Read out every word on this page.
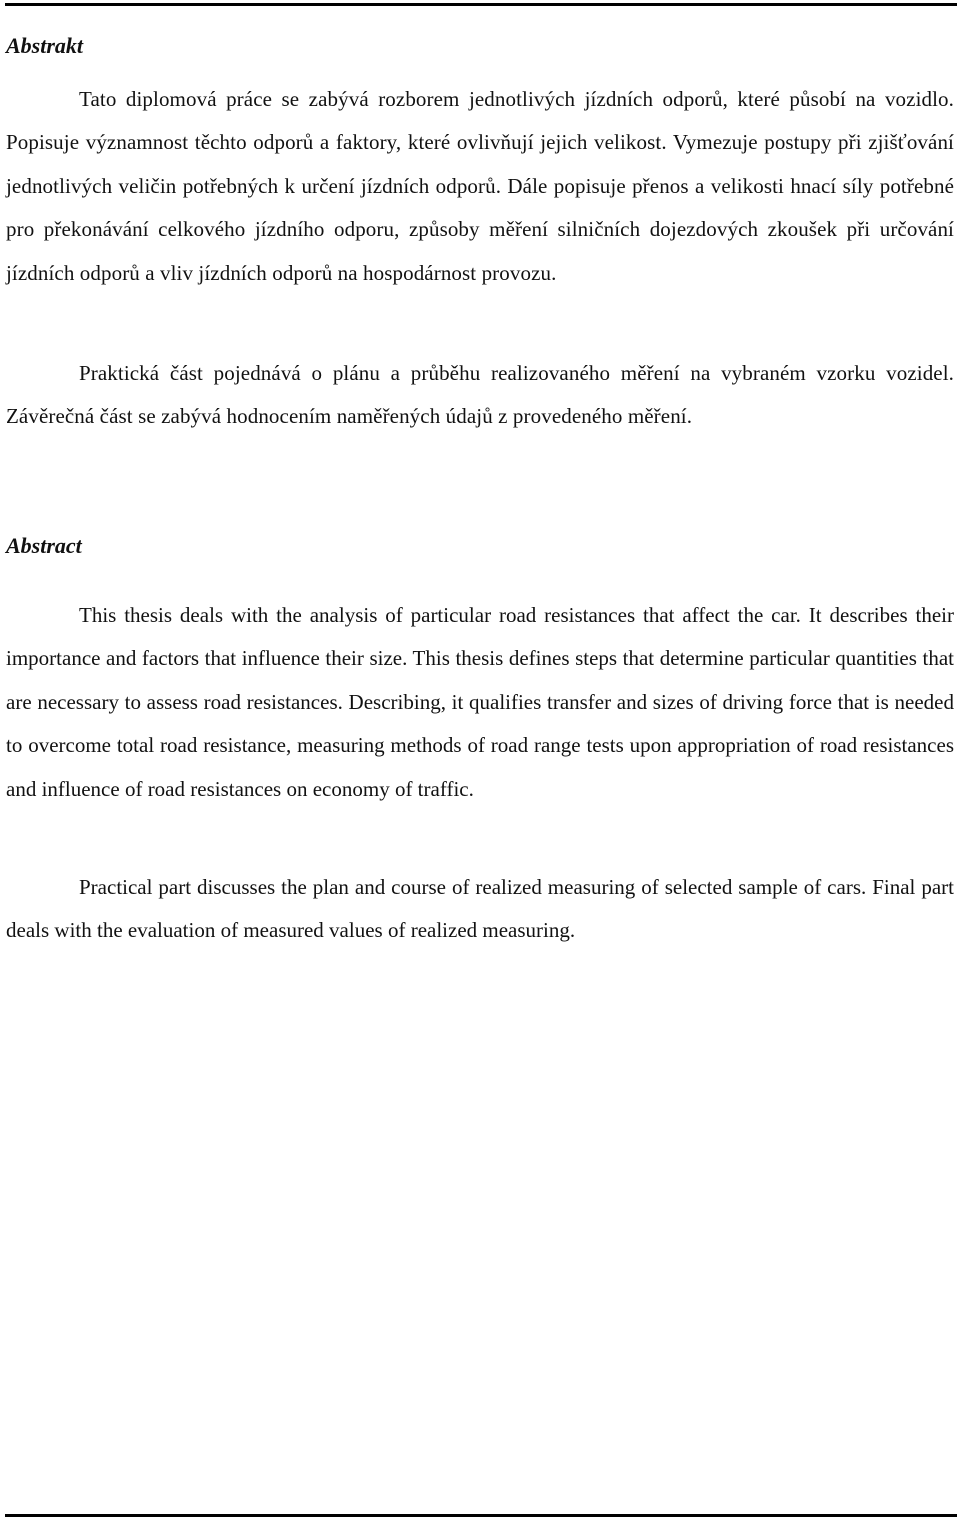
Abstrakt

Tato diplomová práce se zabývá rozborem jednotlivých jízdních odporů, které působí na vozidlo. Popisuje významnost těchto odporů a faktory, které ovlivňují jejich velikost. Vymezuje postupy při zjišťování jednotlivých veličin potřebných k určení jízdních odporů. Dále popisuje přenos a velikosti hnací síly potřebné pro překonávání celkového jízdního odporu, způsoby měření silničních dojezdových zkoušek při určování jízdních odporů a vliv jízdních odporů na hospodárnost provozu.

Praktická část pojednává o plánu a průběhu realizovaného měření na vybraném vzorku vozidel. Závěrečná část se zabývá hodnocením naměřených údajů z provedeného měření.

Abstract

This thesis deals with the analysis of particular road resistances that affect the car. It describes their importance and factors that influence their size. This thesis defines steps that determine particular quantities that are necessary to assess road resistances. Describing, it qualifies transfer and sizes of driving force that is needed to overcome total road resistance, measuring methods of road range tests upon appropriation of road resistances and influence of road resistances on economy of traffic.

Practical part discusses the plan and course of realized measuring of selected sample of cars. Final part deals with the evaluation of measured values of realized measuring.
